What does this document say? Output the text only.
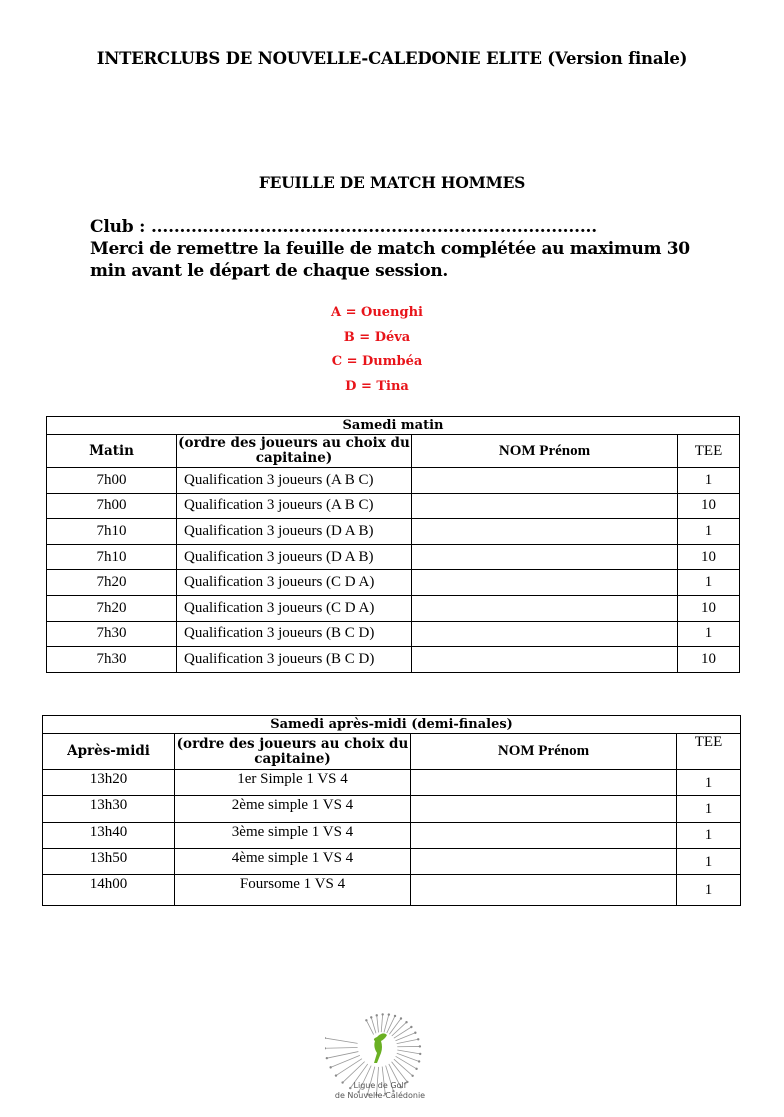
INTERCLUBS DE NOUVELLE-CALEDONIE ELITE (Version finale)
FEUILLE DE MATCH HOMMES
Club : ..............................................................................
Merci de remettre la feuille de match complétée au maximum 30 min avant le départ de chaque session.
A = Ouenghi
B = Déva
C = Dumbéa
D = Tina
Samedi matin			
Matin	(ordre des joueurs au choix du capitaine)	NOM Prénom	TEE
7h00	Qualification 3 joueurs (A B C)		1
7h00	Qualification 3 joueurs (A B C)		10
7h10	Qualification 3 joueurs (D A B)		1
7h10	Qualification 3 joueurs (D A B)		10
7h20	Qualification 3 joueurs (C D A)		1
7h20	Qualification 3 joueurs (C D A)		10
7h30	Qualification 3 joueurs (B C D)		1
7h30	Qualification 3 joueurs (B C D)		10
Samedi après-midi (demi-finales)			
Après-midi	(ordre des joueurs au choix du capitaine)	NOM Prénom	TEE
13h20	1er Simple 1 VS 4		1
13h30	2ème simple 1 VS 4		1
13h40	3ème simple 1 VS 4		1
13h50	4ème simple 1 VS 4		1
14h00	Foursome 1 VS 4		1
Ligue de Golf
de Nouvelle-Calédonie
